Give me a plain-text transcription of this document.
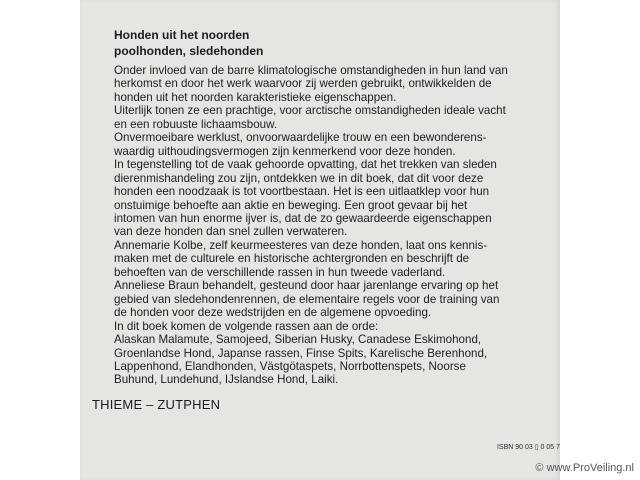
Honden uit het noorden
poolhonden, sledehonden

Onder invloed van de barre klimatologische omstandigheden in hun land van
herkomst en door het werk waarvoor zij werden gebruikt, ontwikkelden de
honden uit het noorden karakteristieke eigenschappen.

Uiterlijk tonen ze een prachtige, voor arctische omstandigheden ideale vacht
en een robuuste lichaamsbouw.

Onvermoeibare werklust, onvoorwaardelijke trouw en een bewonderens-
waardig uithoudingsvermogen zijn kenmerkend voor deze honden.

In tegenstelling tot de vaak gehoorde opvatting, dat het trekken van sleden
dierenmishandeling zou zijn, ontdekken we in dit boek, dat dit voor deze
honden een noodzaak is tot voortbestaan. Het is een uitlaatklep voor hun
onstuimige behoefte aan aktie en beweging. Een groot gevaar bij het
intomen van hun enorme ijver is, dat de zo gewaardeerde eigenschappen
van deze honden dan snel zullen verwateren.

Annemarie Kolbe, zelf keurmeesteres van deze honden, laat ons kennis-
maken met de culturele en historische achtergronden en beschrijft de
behoeften van de verschillende rassen in hun tweede vaderland.

Anneliese Braun behandelt, gesteund door haar jarenlange ervaring op het
gebied van sledehondenrennen, de elementaire regels voor de training van
de honden voor deze wedstrijden en de algemene opvoeding.

In dit boek komen de volgende rassen aan de orde:
Alaskan Malamute, Samojeed, Siberian Husky, Canadese Eskimohond,
Groenlandse Hond, Japanse rassen, Finse Spits, Karelische Berenhond,
Lappenhond, Elandhonden, Västgötaspets, Norrbottenspets, Noorse
Buhund, Lundehund, IJslandse Hond, Laiki.

THIEME – ZUTPHEN
ISBN 90 03 ▯ 0 05 7
© www.ProVeiling.nl
